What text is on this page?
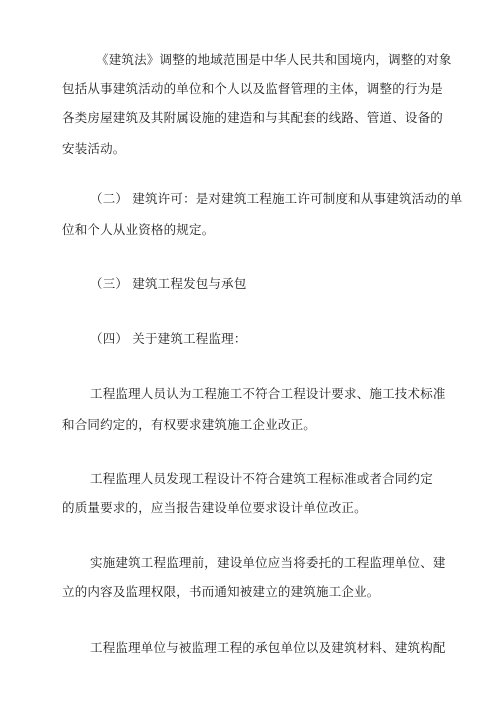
《建筑法》调整的地域范围是中华人民共和国境内，调整的对象
包括从事建筑活动的单位和个人以及监督管理的主体，调整的行为是
各类房屋建筑及其附属设施的建造和与其配套的线路、管道、设备的
安装活动。
（二） 建筑许可：是对建筑工程施工许可制度和从事建筑活动的单
位和个人从业资格的规定。
（三） 建筑工程发包与承包
（四） 关于建筑工程监理：
工程监理人员认为工程施工不符合工程设计要求、施工技术标准
和合同约定的，有权要求建筑施工企业改正。
工程监理人员发现工程设计不符合建筑工程标准或者合同约定
的质量要求的，应当报告建设单位要求设计单位改正。
实施建筑工程监理前，建设单位应当将委托的工程监理单位、建
立的内容及监理权限，书而通知被建立的建筑施工企业。
工程监理单位与被监理工程的承包单位以及建筑材料、建筑构配
